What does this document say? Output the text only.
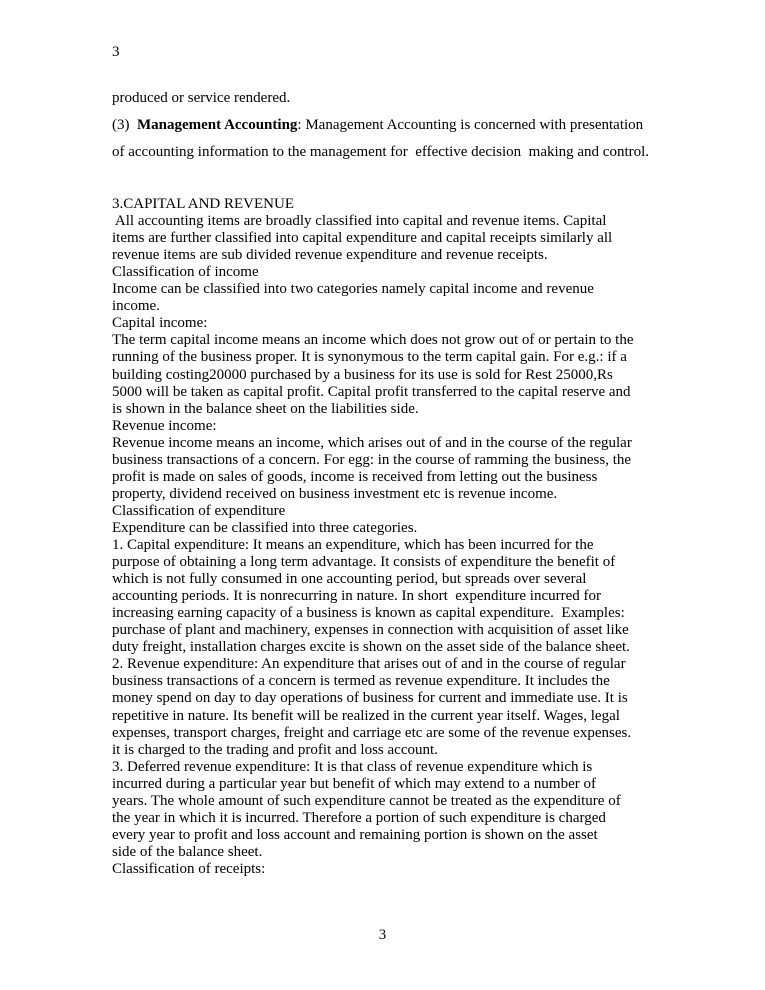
3
produced or service rendered.
(3)  Management Accounting: Management Accounting is concerned with presentation
of accounting information to the management for  effective decision  making and control.
3.CAPITAL AND REVENUE
All accounting items are broadly classified into capital and revenue items. Capital
items are further classified into capital expenditure and capital receipts similarly all
revenue items are sub divided revenue expenditure and revenue receipts.
Classification of income
Income can be classified into two categories namely capital income and revenue
income.
Capital income:
The term capital income means an income which does not grow out of or pertain to the
running of the business proper. It is synonymous to the term capital gain. For e.g.: if a
building costing20000 purchased by a business for its use is sold for Rest 25000,Rs
5000 will be taken as capital profit. Capital profit transferred to the capital reserve and
is shown in the balance sheet on the liabilities side.
Revenue income:
Revenue income means an income, which arises out of and in the course of the regular
business transactions of a concern. For egg: in the course of ramming the business, the
profit is made on sales of goods, income is received from letting out the business
property, dividend received on business investment etc is revenue income.
Classification of expenditure
Expenditure can be classified into three categories.
1. Capital expenditure: It means an expenditure, which has been incurred for the
purpose of obtaining a long term advantage. It consists of expenditure the benefit of
which is not fully consumed in one accounting period, but spreads over several
accounting periods. It is nonrecurring in nature. In short  expenditure incurred for
increasing earning capacity of a business is known as capital expenditure.  Examples:
purchase of plant and machinery, expenses in connection with acquisition of asset like
duty freight, installation charges excite is shown on the asset side of the balance sheet.
2. Revenue expenditure: An expenditure that arises out of and in the course of regular
business transactions of a concern is termed as revenue expenditure. It includes the
money spend on day to day operations of business for current and immediate use. It is
repetitive in nature. Its benefit will be realized in the current year itself. Wages, legal
expenses, transport charges, freight and carriage etc are some of the revenue expenses.
it is charged to the trading and profit and loss account.
3. Deferred revenue expenditure: It is that class of revenue expenditure which is
incurred during a particular year but benefit of which may extend to a number of
years. The whole amount of such expenditure cannot be treated as the expenditure of
the year in which it is incurred. Therefore a portion of such expenditure is charged
every year to profit and loss account and remaining portion is shown on the asset
side of the balance sheet.
Classification of receipts:
3
